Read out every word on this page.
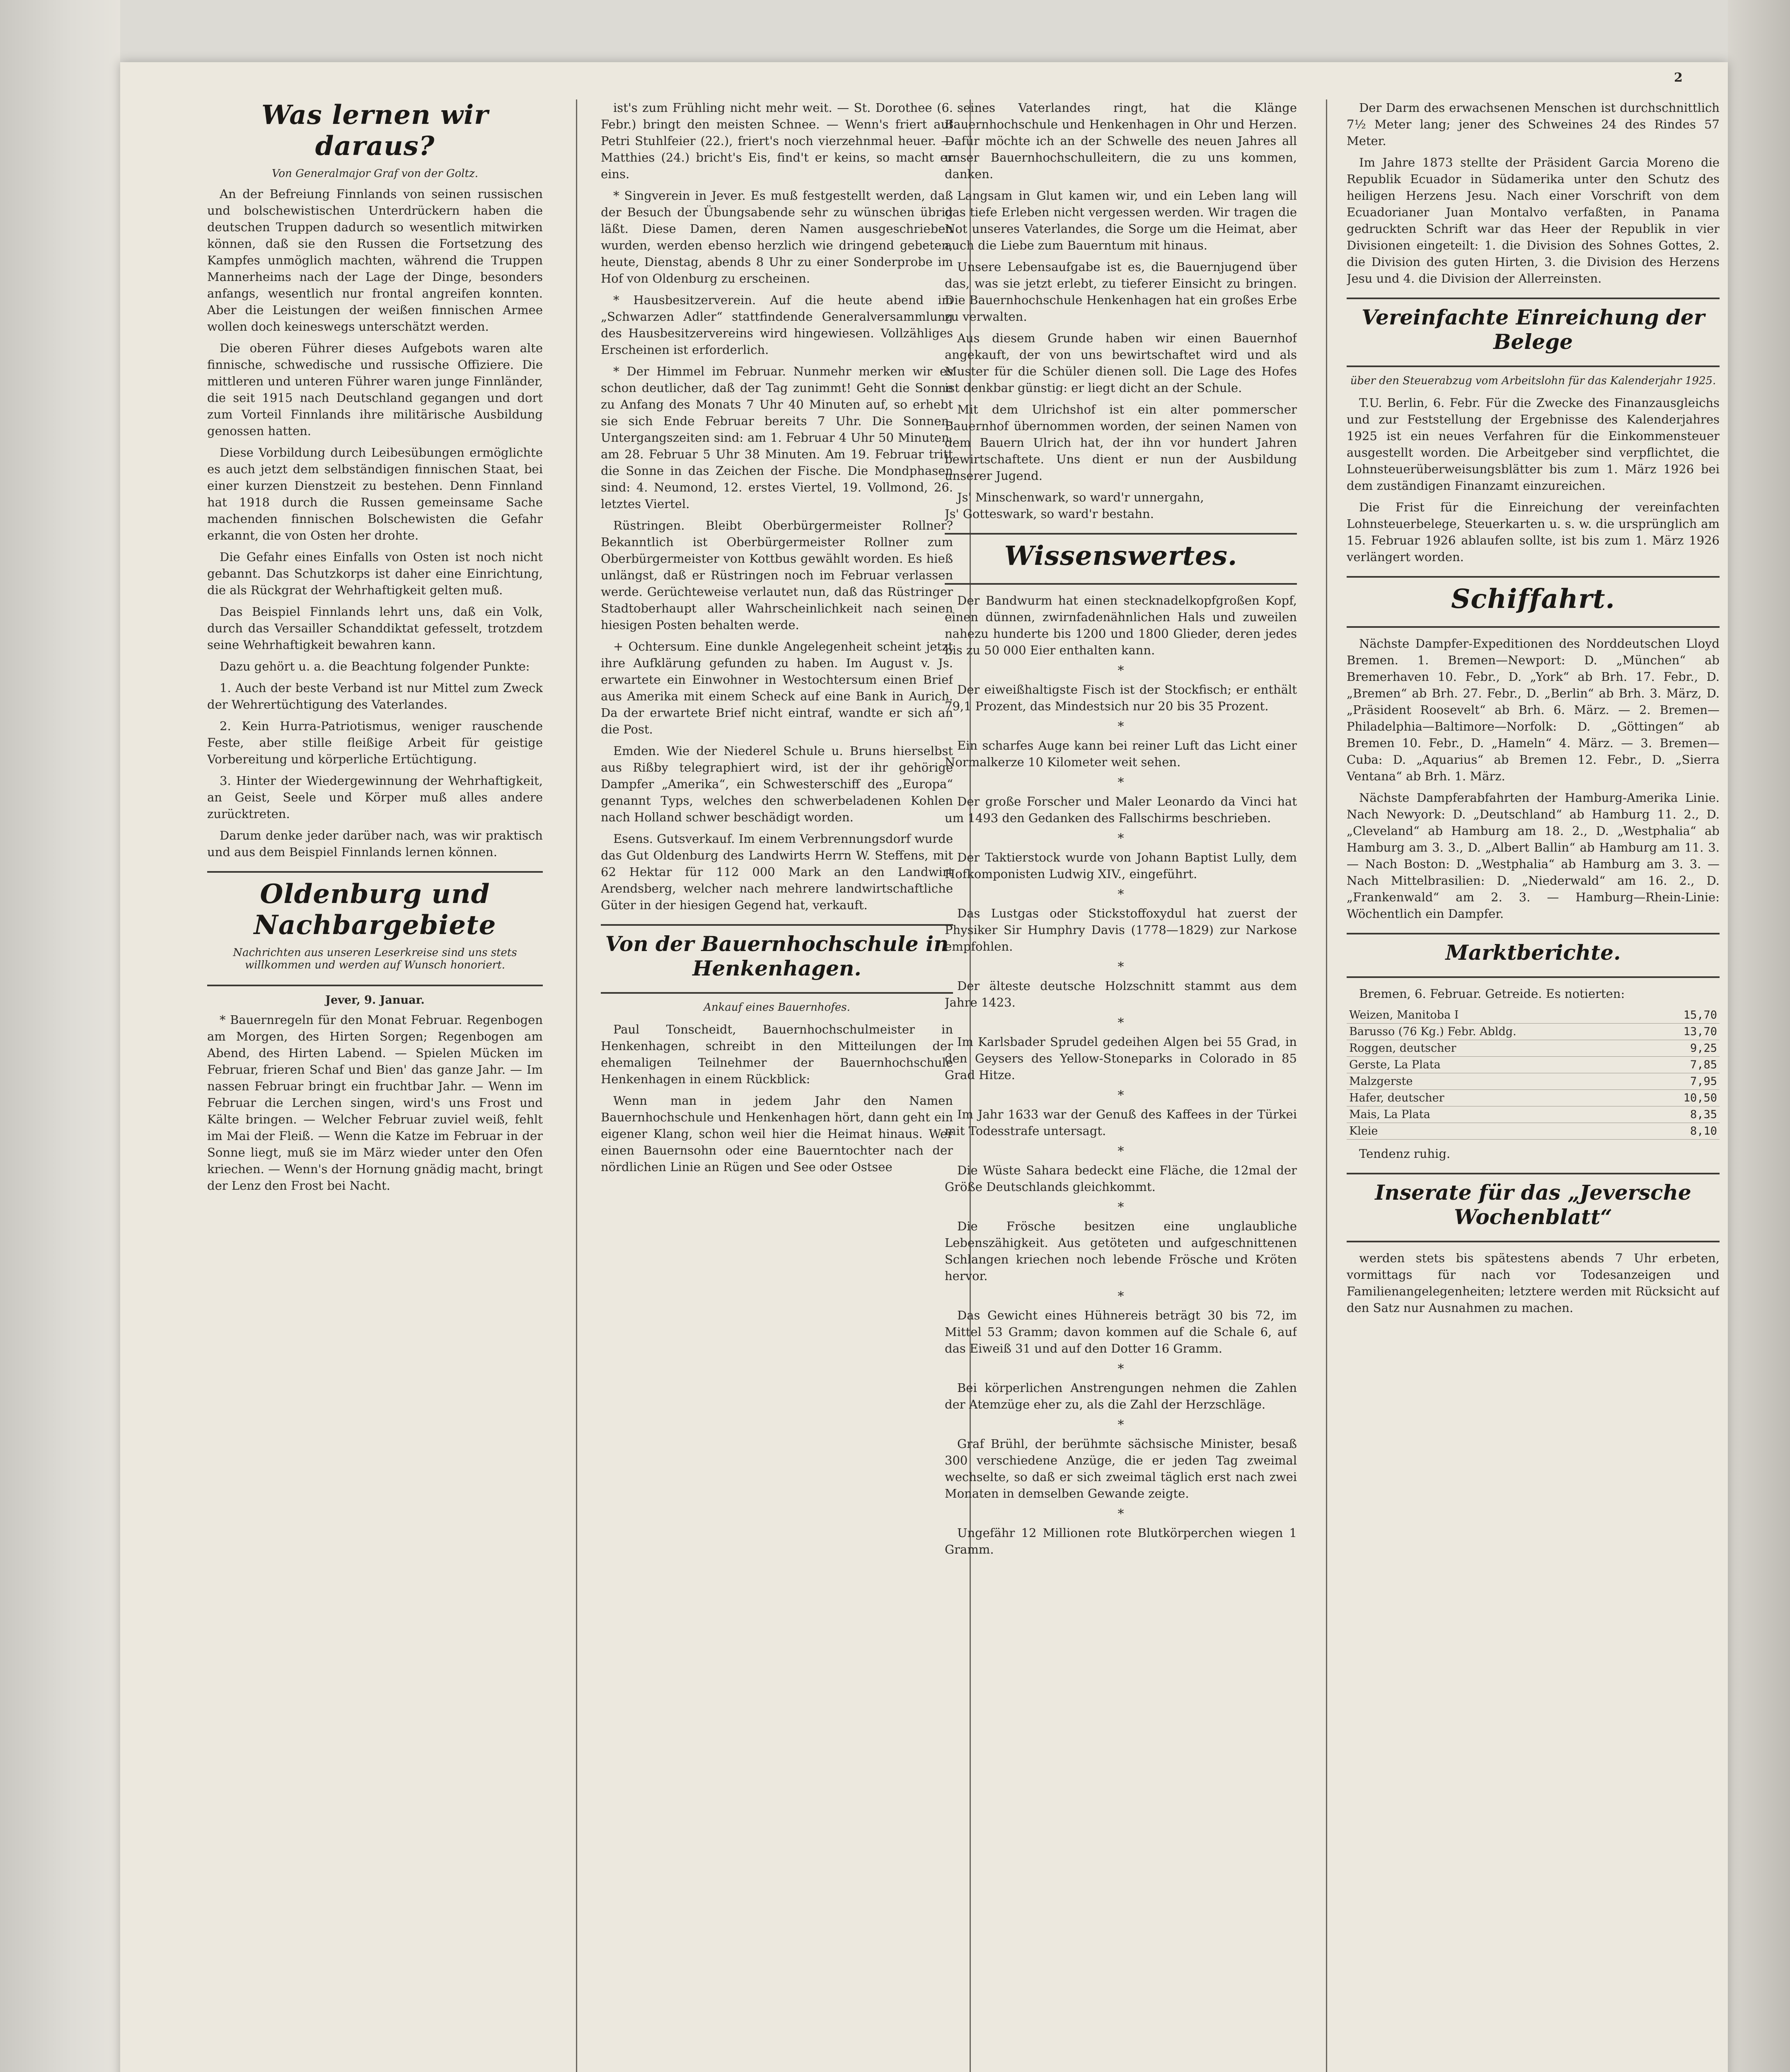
2
Was lernen wir daraus?
Von Generalmajor Graf von der Goltz.

An der Befreiung Finnlands von seinen russischen und bolschewistischen Unterdrückern haben die deutschen Truppen dadurch so wesentlich mitwirken können, daß sie den Russen die Fortsetzung des Kampfes unmöglich machten, während die Truppen Mannerheims nach der Lage der Dinge, besonders anfangs, wesentlich nur frontal angreifen konnten. Aber die Leistungen der weißen finnischen Armee wollen doch keineswegs unterschätzt werden.

Die oberen Führer dieses Aufgebots waren alte finnische, schwedische und russische Offiziere. Die mittleren und unteren Führer waren junge Finnländer, die seit 1915 nach Deutschland gegangen und dort zum Vorteil Finnlands ihre militärische Ausbildung genossen hatten.

Diese Vorbildung durch Leibesübungen ermöglichte es auch jetzt dem selbständigen finnischen Staat, bei einer kurzen Dienstzeit zu bestehen. Denn Finnland hat 1918 durch die Russen gemeinsame Sache machenden finnischen Bolschewisten die Gefahr erkannt, die von Osten her drohte.

Die Gefahr eines Einfalls von Osten ist noch nicht gebannt. Das Schutzkorps ist daher eine Einrichtung, die als Rückgrat der Wehrhaftigkeit gelten muß.

Das Beispiel Finnlands lehrt uns, daß ein Volk, durch das Versailler Schanddiktat gefesselt, trotzdem seine Wehrhaftigkeit bewahren kann.

Dazu gehört u. a. die Beachtung folgender Punkte:

1. Auch der beste Verband ist nur Mittel zum Zweck der Wehrertüchtigung des Vaterlandes.

2. Kein Hurra-Patriotismus, weniger rauschende Feste, aber stille fleißige Arbeit für geistige Vorbereitung und körperliche Ertüchtigung.

3. Hinter der Wiedergewinnung der Wehrhaftigkeit, an Geist, Seele und Körper muß alles andere zurücktreten.

Darum denke jeder darüber nach, was wir praktisch und aus dem Beispiel Finnlands lernen können.

Oldenburg und Nachbargebiete
Nachrichten aus unseren Leserkreise sind uns stets willkommen und werden auf Wunsch honoriert.
Jever, 9. Januar.

* Bauernregeln für den Monat Februar. Regenbogen am Morgen, des Hirten Sorgen; Regenbogen am Abend, des Hirten Labend. — Spielen Mücken im Februar, frieren Schaf und Bien' das ganze Jahr. — Im nassen Februar bringt ein fruchtbar Jahr. — Wenn im Februar die Lerchen singen, wird's uns Frost und Kälte bringen. — Welcher Februar zuviel weiß, fehlt im Mai der Fleiß. — Wenn die Katze im Februar in der Sonne liegt, muß sie im März wieder unter den Ofen kriechen. — Wenn's der Hornung gnädig macht, bringt der Lenz den Frost bei Nacht.

ist's zum Frühling nicht mehr weit. — St. Dorothee (6. Febr.) bringt den meisten Schnee. — Wenn's friert auf Petri Stuhlfeier (22.), friert's noch vierzehnmal heuer. — Matthies (24.) bricht's Eis, find't er keins, so macht er eins.

* Singverein in Jever. Es muß festgestellt werden, daß der Besuch der Übungsabende sehr zu wünschen übrig läßt. Diese Damen, deren Namen ausgeschrieben wurden, werden ebenso herzlich wie dringend gebeten, heute, Dienstag, abends 8 Uhr zu einer Sonderprobe im Hof von Oldenburg zu erscheinen.

* Hausbesitzerverein. Auf die heute abend im „Schwarzen Adler“ stattfindende Generalversammlung des Hausbesitzervereins wird hingewiesen. Vollzähliges Erscheinen ist erforderlich.

* Der Himmel im Februar. Nunmehr merken wir es schon deutlicher, daß der Tag zunimmt! Geht die Sonne zu Anfang des Monats 7 Uhr 40 Minuten auf, so erhebt sie sich Ende Februar bereits 7 Uhr. Die Sonnen-Untergangszeiten sind: am 1. Februar 4 Uhr 50 Minuten, am 28. Februar 5 Uhr 38 Minuten. Am 19. Februar tritt die Sonne in das Zeichen der Fische. Die Mondphasen sind: 4. Neumond, 12. erstes Viertel, 19. Vollmond, 26. letztes Viertel.

Rüstringen. Bleibt Oberbürgermeister Rollner? Bekanntlich ist Oberbürgermeister Rollner zum Oberbürgermeister von Kottbus gewählt worden. Es hieß unlängst, daß er Rüstringen noch im Februar verlassen werde. Gerüchteweise verlautet nun, daß das Rüstringer Stadtoberhaupt aller Wahrscheinlichkeit nach seinen hiesigen Posten behalten werde.

+ Ochtersum. Eine dunkle Angelegenheit scheint jetzt ihre Aufklärung gefunden zu haben. Im August v. Js. erwartete ein Einwohner in Westochtersum einen Brief aus Amerika mit einem Scheck auf eine Bank in Aurich. Da der erwartete Brief nicht eintraf, wandte er sich an die Post.

Emden. Wie der Niederel Schule u. Bruns hierselbst aus Rißby telegraphiert wird, ist der ihr gehörige Dampfer „Amerika“, ein Schwesterschiff des „Europa“ genannt Typs, welches den schwerbeladenen Kohlen nach Holland schwer beschädigt worden.

Esens. Gutsverkauf. Im einem Verbrennungsdorf wurde das Gut Oldenburg des Landwirts Herrn W. Steffens, mit 62 Hektar für 112 000 Mark an den Landwirt Arendsberg, welcher nach mehrere landwirtschaftliche Güter in der hiesigen Gegend hat, verkauft.

Von der Bauernhochschule in Henkenhagen.
Ankauf eines Bauernhofes.

Paul Tonscheidt, Bauernhochschulmeister in Henkenhagen, schreibt in den Mitteilungen der ehemaligen Teilnehmer der Bauernhochschule Henkenhagen in einem Rückblick:

Wenn man in jedem Jahr den Namen Bauernhochschule und Henkenhagen hört, dann geht ein eigener Klang, schon weil hier die Heimat hinaus. Wer einen Bauernsohn oder eine Bauerntochter nach der nördlichen Linie an Rügen und See oder Ostsee

seines Vaterlandes ringt, hat die Klänge Bauernhochschule und Henkenhagen in Ohr und Herzen. Dafür möchte ich an der Schwelle des neuen Jahres all unser Bauernhochschulleitern, die zu uns kommen, danken.

Langsam in Glut kamen wir, und ein Leben lang will das tiefe Erleben nicht vergessen werden. Wir tragen die Not unseres Vaterlandes, die Sorge um die Heimat, aber auch die Liebe zum Bauerntum mit hinaus.

Unsere Lebensaufgabe ist es, die Bauernjugend über das, was sie jetzt erlebt, zu tieferer Einsicht zu bringen. Die Bauernhochschule Henkenhagen hat ein großes Erbe zu verwalten.

Aus diesem Grunde haben wir einen Bauernhof angekauft, der von uns bewirtschaftet wird und als Muster für die Schüler dienen soll. Die Lage des Hofes ist denkbar günstig: er liegt dicht an der Schule.

Mit dem Ulrichshof ist ein alter pommerscher Bauernhof übernommen worden, der seinen Namen von dem Bauern Ulrich hat, der ihn vor hundert Jahren bewirtschaftete. Uns dient er nun der Ausbildung unserer Jugend.

Js' Minschenwark, so ward'r unnergahn,
Js' Gotteswark, so ward'r bestahn.

Wissenswertes.

Der Bandwurm hat einen stecknadelkopfgroßen Kopf, einen dünnen, zwirnfadenähnlichen Hals und zuweilen nahezu hunderte bis 1200 und 1800 Glieder, deren jedes bis zu 50 000 Eier enthalten kann.

*

Der eiweißhaltigste Fisch ist der Stockfisch; er enthält 79,1 Prozent, das Mindestsich nur 20 bis 35 Prozent.

*

Ein scharfes Auge kann bei reiner Luft das Licht einer Normalkerze 10 Kilometer weit sehen.

*

Der große Forscher und Maler Leonardo da Vinci hat um 1493 den Gedanken des Fallschirms beschrieben.

*

Der Taktierstock wurde von Johann Baptist Lully, dem Hofkomponisten Ludwig XIV., eingeführt.

*

Das Lustgas oder Stickstoffoxydul hat zuerst der Physiker Sir Humphry Davis (1778—1829) zur Narkose empfohlen.

*

Der älteste deutsche Holzschnitt stammt aus dem Jahre 1423.

*

Im Karlsbader Sprudel gedeihen Algen bei 55 Grad, in den Geysers des Yellow-Stoneparks in Colorado in 85 Grad Hitze.

*

Im Jahr 1633 war der Genuß des Kaffees in der Türkei mit Todesstrafe untersagt.

*

Die Wüste Sahara bedeckt eine Fläche, die 12mal der Größe Deutschlands gleichkommt.

*

Die Frösche besitzen eine unglaubliche Lebenszähigkeit. Aus getöteten und aufgeschnittenen Schlangen kriechen noch lebende Frösche und Kröten hervor.

*

Das Gewicht eines Hühnereis beträgt 30 bis 72, im Mittel 53 Gramm; davon kommen auf die Schale 6, auf das Eiweiß 31 und auf den Dotter 16 Gramm.

*

Bei körperlichen Anstrengungen nehmen die Zahlen der Atemzüge eher zu, als die Zahl der Herzschläge.

*

Graf Brühl, der berühmte sächsische Minister, besaß 300 verschiedene Anzüge, die er jeden Tag zweimal wechselte, so daß er sich zweimal täglich erst nach zwei Monaten in demselben Gewande zeigte.

*

Ungefähr 12 Millionen rote Blutkörperchen wiegen 1 Gramm.

Der Darm des erwachsenen Menschen ist durchschnittlich 7½ Meter lang; jener des Schweines 24 des Rindes 57 Meter.

Im Jahre 1873 stellte der Präsident Garcia Moreno die Republik Ecuador in Südamerika unter den Schutz des heiligen Herzens Jesu. Nach einer Vorschrift von dem Ecuadorianer Juan Montalvo verfaßten, in Panama gedruckten Schrift war das Heer der Republik in vier Divisionen eingeteilt: 1. die Division des Sohnes Gottes, 2. die Division des guten Hirten, 3. die Division des Herzens Jesu und 4. die Division der Allerreinsten.

Vereinfachte Einreichung der Belege
über den Steuerabzug vom Arbeitslohn für das Kalenderjahr 1925.

T.U. Berlin, 6. Febr. Für die Zwecke des Finanzausgleichs und zur Feststellung der Ergebnisse des Kalenderjahres 1925 ist ein neues Verfahren für die Einkommensteuer ausgestellt worden. Die Arbeitgeber sind verpflichtet, die Lohnsteuerüberweisungsblätter bis zum 1. März 1926 bei dem zuständigen Finanzamt einzureichen.

Die Frist für die Einreichung der vereinfachten Lohnsteuerbelege, Steuerkarten u. s. w. die ursprünglich am 15. Februar 1926 ablaufen sollte, ist bis zum 1. März 1926 verlängert worden.

Schiffahrt.

Nächste Dampfer-Expeditionen des Norddeutschen Lloyd Bremen. 1. Bremen—Newport: D. „München“ ab Bremerhaven 10. Febr., D. „York“ ab Brh. 17. Febr., D. „Bremen“ ab Brh. 27. Febr., D. „Berlin“ ab Brh. 3. März, D. „Präsident Roosevelt“ ab Brh. 6. März. — 2. Bremen—Philadelphia—Baltimore—Norfolk: D. „Göttingen“ ab Bremen 10. Febr., D. „Hameln“ 4. März. — 3. Bremen—Cuba: D. „Aquarius“ ab Bremen 12. Febr., D. „Sierra Ventana“ ab Brh. 1. März.

Nächste Dampferabfahrten der Hamburg-Amerika Linie. Nach Newyork: D. „Deutschland“ ab Hamburg 11. 2., D. „Cleveland“ ab Hamburg am 18. 2., D. „Westphalia“ ab Hamburg am 3. 3., D. „Albert Ballin“ ab Hamburg am 11. 3. — Nach Boston: D. „Westphalia“ ab Hamburg am 3. 3. — Nach Mittelbrasilien: D. „Niederwald“ am 16. 2., D. „Frankenwald“ am 2. 3. — Hamburg—Rhein-Linie: Wöchentlich ein Dampfer.

Marktberichte.

Bremen, 6. Februar. Getreide. Es notierten:

Weizen, Manitoba I	15,70
Barusso (76 Kg.) Febr. Abldg.	13,70
Roggen, deutscher	9,25
Gerste, La Plata	7,85
Malzgerste	7,95
Hafer, deutscher	10,50
Mais, La Plata	8,35
Kleie	8,10

Tendenz ruhig.

Inserate für das „Jeversche Wochenblatt“

werden stets bis spätestens abends 7 Uhr erbeten, vormittags für nach vor Todesanzeigen und Familienangelegenheiten; letztere werden mit Rücksicht auf den Satz nur Ausnahmen zu machen.
